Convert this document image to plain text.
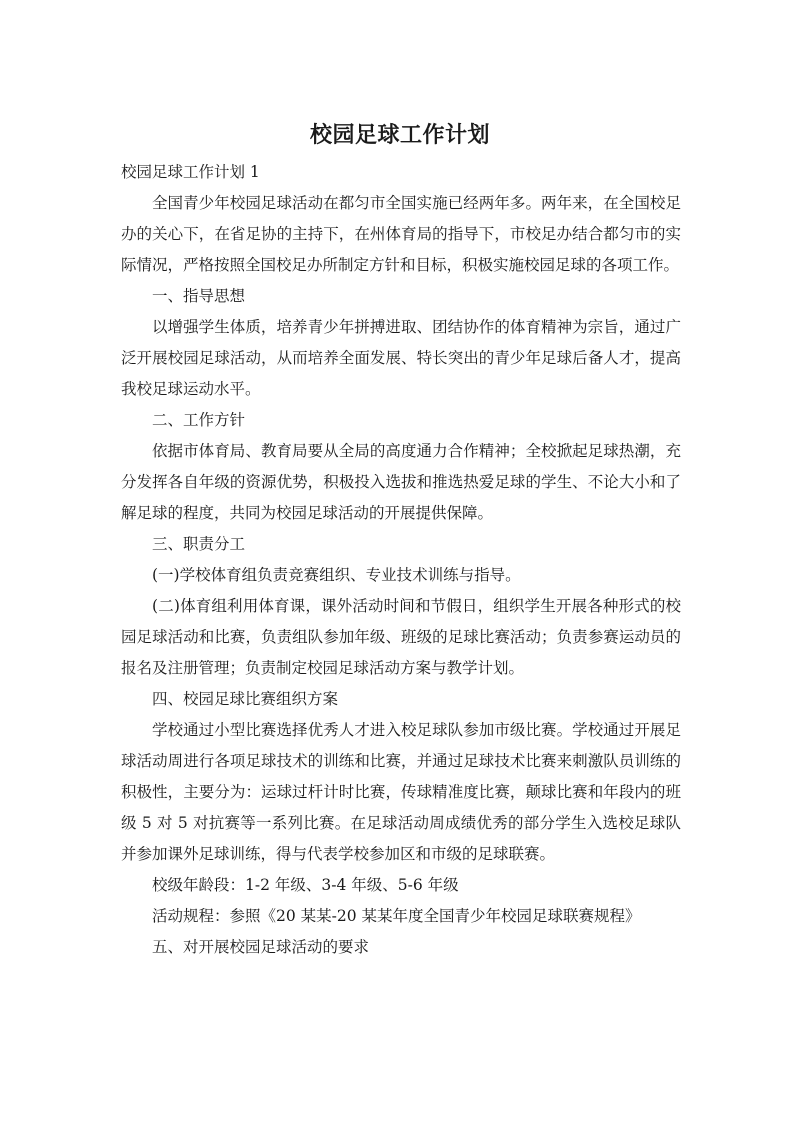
校园足球工作计划

校园足球工作计划 1

全国青少年校园足球活动在都匀市全国实施已经两年多。两年来，在全国校足办的关心下，在省足协的主持下，在州体育局的指导下，市校足办结合都匀市的实际情况，严格按照全国校足办所制定方针和目标，积极实施校园足球的各项工作。

一、指导思想

以增强学生体质，培养青少年拼搏进取、团结协作的体育精神为宗旨，通过广泛开展校园足球活动，从而培养全面发展、特长突出的青少年足球后备人才，提高我校足球运动水平。

二、工作方针

依据市体育局、教育局要从全局的高度通力合作精神；全校掀起足球热潮，充分发挥各自年级的资源优势，积极投入选拔和推选热爱足球的学生、不论大小和了解足球的程度，共同为校园足球活动的开展提供保障。

三、职责分工

(一)学校体育组负责竞赛组织、专业技术训练与指导。

(二)体育组利用体育课，课外活动时间和节假日，组织学生开展各种形式的校园足球活动和比赛，负责组队参加年级、班级的足球比赛活动；负责参赛运动员的报名及注册管理；负责制定校园足球活动方案与教学计划。

四、校园足球比赛组织方案

学校通过小型比赛选择优秀人才进入校足球队参加市级比赛。学校通过开展足球活动周进行各项足球技术的训练和比赛，并通过足球技术比赛来刺激队员训练的积极性，主要分为：运球过杆计时比赛，传球精准度比赛，颠球比赛和年段内的班级 5 对 5 对抗赛等一系列比赛。在足球活动周成绩优秀的部分学生入选校足球队并参加课外足球训练，得与代表学校参加区和市级的足球联赛。

校级年龄段：1-2 年级、3-4 年级、5-6 年级

活动规程：参照《20 某某-20 某某年度全国青少年校园足球联赛规程》

五、对开展校园足球活动的要求
